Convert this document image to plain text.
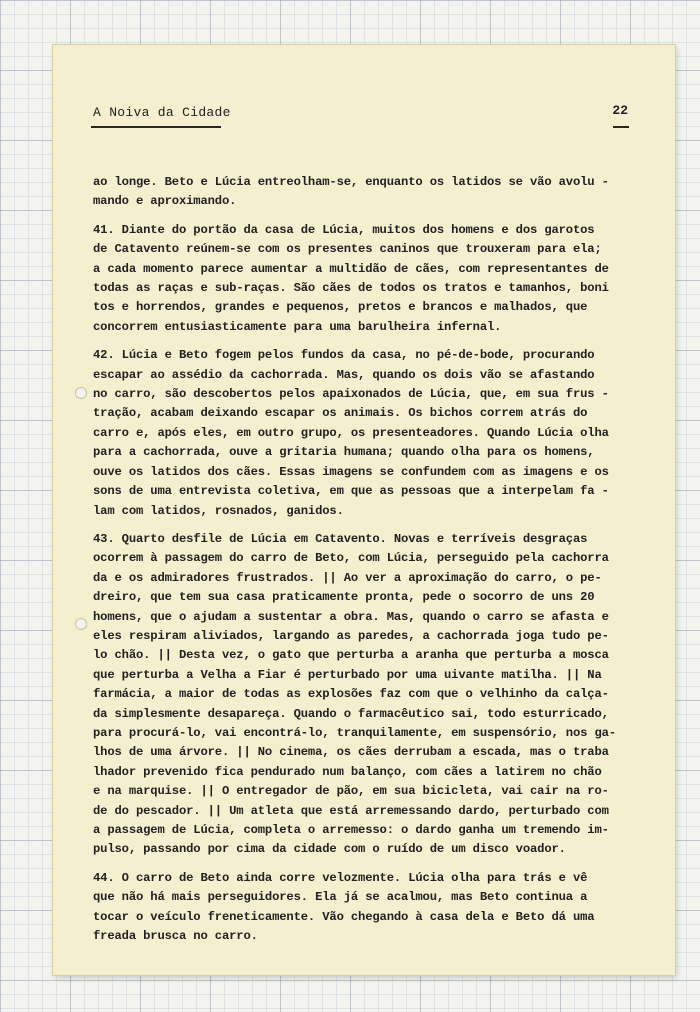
A Noiva da Cidade	22

ao longe. Beto e Lúcia entreolham-se, enquanto os latidos se vão avolu -
mando e aproximando.

41. Diante do portão da casa de Lúcia, muitos dos homens e dos garotos
de Catavento reúnem-se com os presentes caninos que trouxeram para ela;
a cada momento parece aumentar a multidão de cães, com representantes de
todas as raças e sub-raças. São cães de todos os tratos e tamanhos, boni
tos e horrendos, grandes e pequenos, pretos e brancos e malhados, que
concorrem entusiasticamente para uma barulheira infernal.

42. Lúcia e Beto fogem pelos fundos da casa, no pé-de-bode, procurando
escapar ao assédio da cachorrada. Mas, quando os dois vão se afastando
no carro, são descobertos pelos apaixonados de Lúcia, que, em sua frus -
tração, acabam deixando escapar os animais. Os bichos correm atrás do
carro e, após eles, em outro grupo, os presenteadores. Quando Lúcia olha
para a cachorrada, ouve a gritaria humana; quando olha para os homens,
ouve os latidos dos cães. Essas imagens se confundem com as imagens e os
sons de uma entrevista coletiva, em que as pessoas que a interpelam fa -
lam com latidos, rosnados, ganidos.

43. Quarto desfile de Lúcia em Catavento. Novas e terríveis desgraças
ocorrem à passagem do carro de Beto, com Lúcia, perseguido pela cachorra
da e os admiradores frustrados. || Ao ver a aproximação do carro, o pe-
dreiro, que tem sua casa praticamente pronta, pede o socorro de uns 20
homens, que o ajudam a sustentar a obra. Mas, quando o carro se afasta e
eles respiram aliviados, largando as paredes, a cachorrada joga tudo pe-
lo chão. || Desta vez, o gato que perturba a aranha que perturba a mosca
que perturba a Velha a Fiar é perturbado por uma uivante matilha. || Na
farmácia, a maior de todas as explosões faz com que o velhinho da calça-
da simplesmente desapareça. Quando o farmacêutico sai, todo esturricado,
para procurá-lo, vai encontrá-lo, tranquilamente, em suspensório, nos ga-
lhos de uma árvore. || No cinema, os cães derrubam a escada, mas o traba
lhador prevenido fica pendurado num balanço, com cães a latirem no chão
e na marquise. || O entregador de pão, em sua bicicleta, vai cair na ro-
de do pescador. || Um atleta que está arremessando dardo, perturbado com
a passagem de Lúcia, completa o arremesso: o dardo ganha um tremendo im-
pulso, passando por cima da cidade com o ruído de um disco voador.

44. O carro de Beto ainda corre velozmente. Lúcia olha para trás e vê
que não há mais perseguidores. Ela já se acalmou, mas Beto continua a
tocar o veículo freneticamente. Vão chegando à casa dela e Beto dá uma
freada brusca no carro.
